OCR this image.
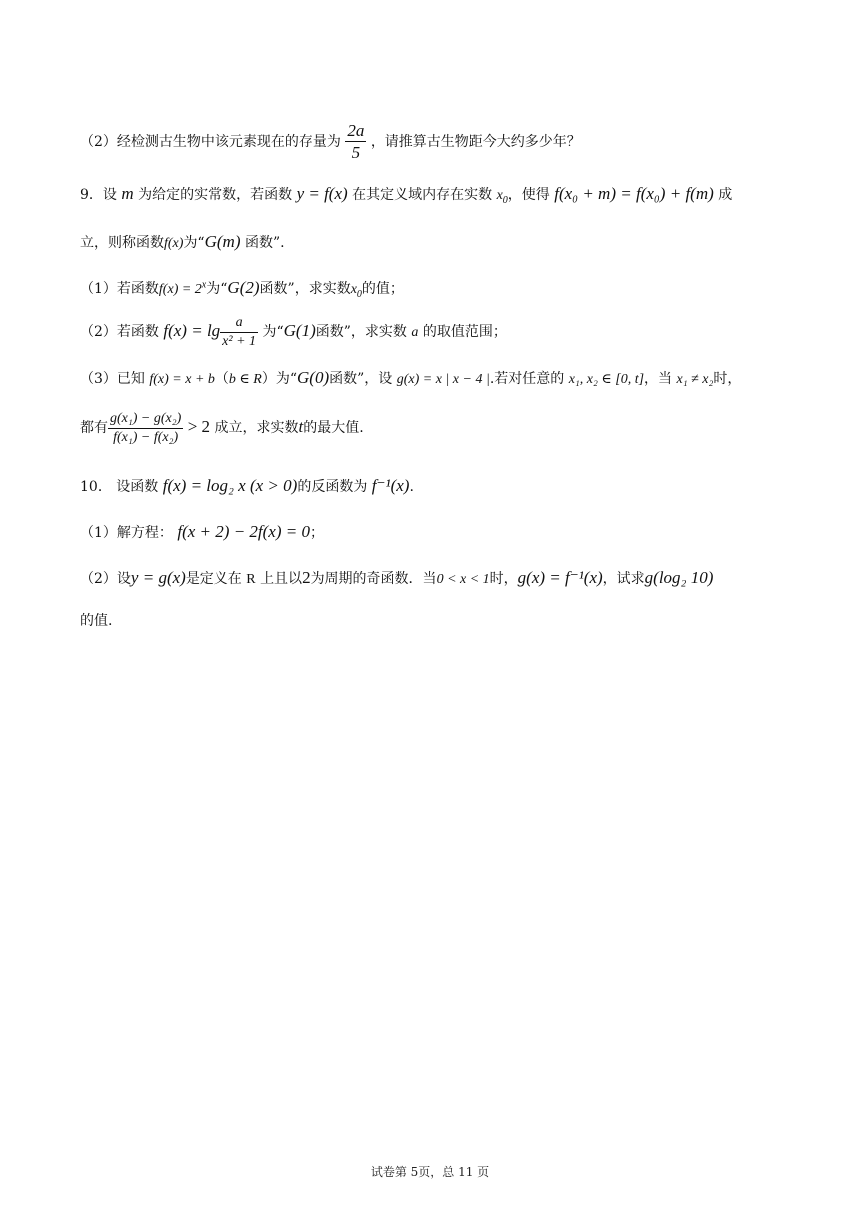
（2）经检测古生物中该元素现在的存量为 $\frac{2a}{5}$ ，请推算古生物距今大约多少年？
9．设 m 为给定的实常数，若函数 y = f(x) 在其定义域内存在实数 $x_0$，使得 f(x₀ + m) = f(x₀) + f(m) 成
立，则称函数f(x)为“G(m) 函数”.
（1）若函数$f(x) = 2^x$为“G(2)函数”，求实数$x_0$的值；
（2）若函数 $f(x) = \lg \frac{a}{\text{x² + 1}}$ 为“G(1)函数”，求实数 a 的取值范围；
（3）已知 f(x) = x + b（b ∈ R）为“G(0)函数”，设 g(x) = x | x − 4 |.若对任意的 x₁, x₂ ∈ [0, t]，当 x₁ ≠ x₂时，
都有 $\frac{\text{g(x₁) − g(x₂)}}{\text{f(x₁) − f(x₂)}} > 2$ 成立，求实数t的最大值.
10． 设函数 f(x) = log₂ x (x > 0)的反函数为 f⁻¹(x).
（1）解方程： f(x + 2) − 2f(x) = 0；
（2）设y = g(x)是定义在 R 上且以2为周期的奇函数．当0 < x < 1时，g(x) = f⁻¹(x)，试求g(log₂ 10)
的值.
试卷第 5页，总 11 页
